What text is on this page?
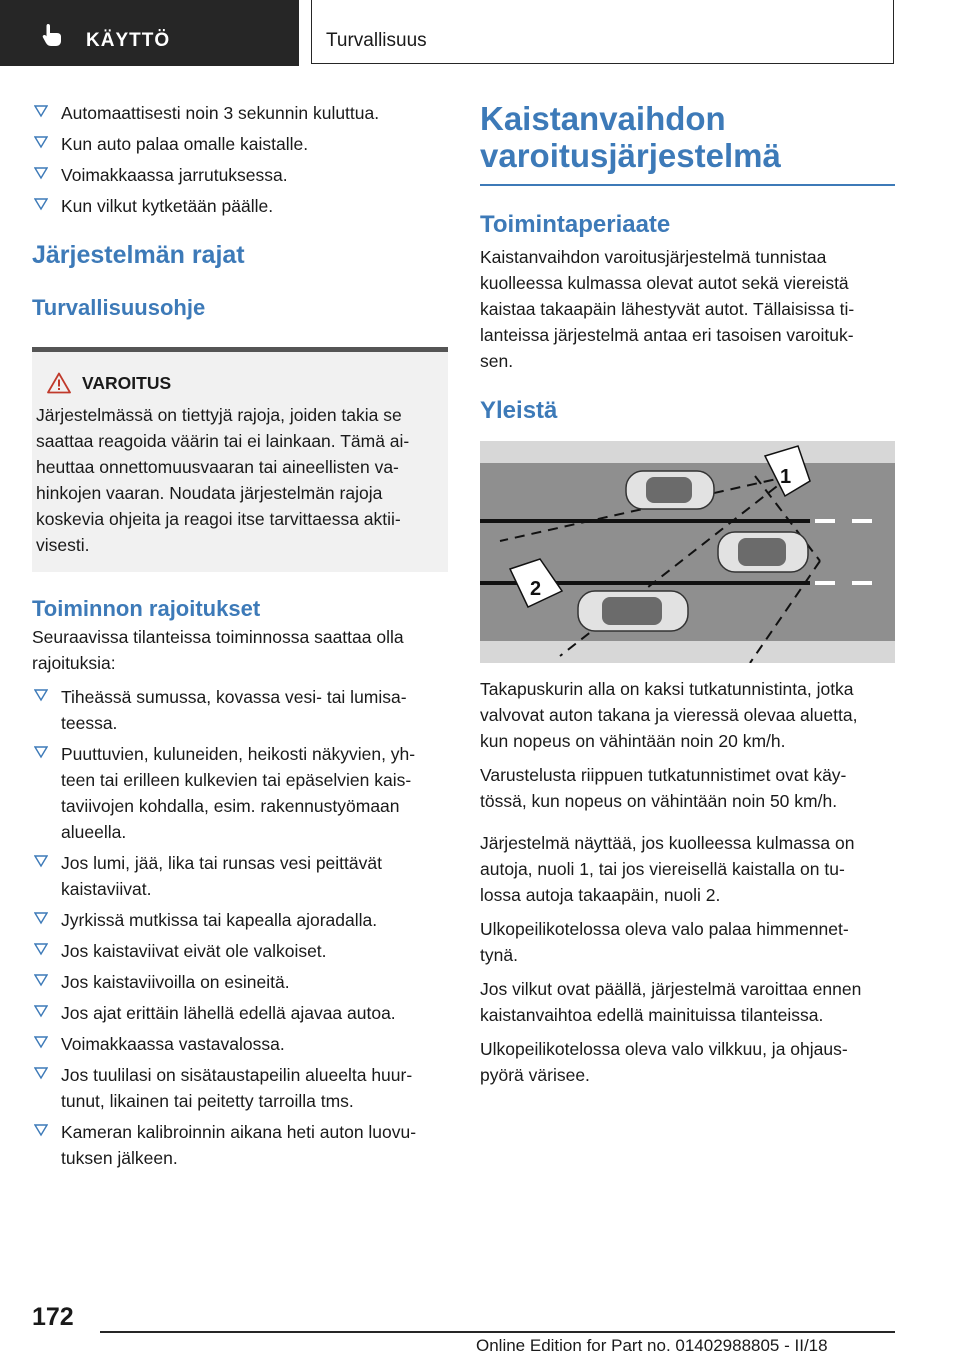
KÄYTTÖ	Turvallisuus
Automaattisesti noin 3 sekunnin kuluttua.
Kun auto palaa omalle kaistalle.
Voimakkaassa jarrutuksessa.
Kun vilkut kytketään päälle.
Järjestelmän rajat
Turvallisuusohje
VAROITUS
Järjestelmässä on tiettyjä rajoja, joiden takia se
saattaa reagoida väärin tai ei lainkaan. Tämä ai-
heuttaa onnettomuusvaaran tai aineellisten va-
hinkojen vaaran. Noudata järjestelmän rajoja
koskevia ohjeita ja reagoi itse tarvittaessa aktii-
visesti.
Toiminnon rajoitukset

Seuraavissa tilanteissa toiminnossa saattaa olla
rajoituksia:

Tiheässä sumussa, kovassa vesi- tai lumisa-
teessa.
Puuttuvien, kuluneiden, heikosti näkyvien, yh-
teen tai erilleen kulkevien tai epäselvien kais-
taviivojen kohdalla, esim. rakennustyömaan
alueella.
Jos lumi, jää, lika tai runsas vesi peittävät
kaistaviivat.
Jyrkissä mutkissa tai kapealla ajoradalla.
Jos kaistaviivat eivät ole valkoiset.
Jos kaistaviivoilla on esineitä.
Jos ajat erittäin lähellä edellä ajavaa autoa.
Voimakkaassa vastavalossa.
Jos tuulilasi on sisätaustapeilin alueelta huur-
tunut, likainen tai peitetty tarroilla tms.
Kameran kalibroinnin aikana heti auton luovu-
tuksen jälkeen.
Kaistanvaihdon
varoitusjärjestelmä
Toimintaperiaate

Kaistanvaihdon varoitusjärjestelmä tunnistaa
kuolleessa kulmassa olevat autot sekä viereistä
kaistaa takaapäin lähestyvät autot. Tällaisissa ti-
lanteissa järjestelmä antaa eri tasoisen varoituk-
sen.

Yleistä
1
2

Takapuskurin alla on kaksi tutkatunnistinta, jotka
valvovat auton takana ja vieressä olevaa aluetta,
kun nopeus on vähintään noin 20 km/h.

Varustelusta riippuen tutkatunnistimet ovat käy-
tössä, kun nopeus on vähintään noin 50 km/h.

Järjestelmä näyttää, jos kuolleessa kulmassa on
autoja, nuoli 1, tai jos viereisellä kaistalla on tu-
lossa autoja takaapäin, nuoli 2.

Ulkopeilikotelossa oleva valo palaa himmennet-
tynä.

Jos vilkut ovat päällä, järjestelmä varoittaa ennen
kaistanvaihtoa edellä mainituissa tilanteissa.

Ulkopeilikotelossa oleva valo vilkkuu, ja ohjaus-
pyörä värisee.

172
Online Edition for Part no. 01402988805 - II/18
